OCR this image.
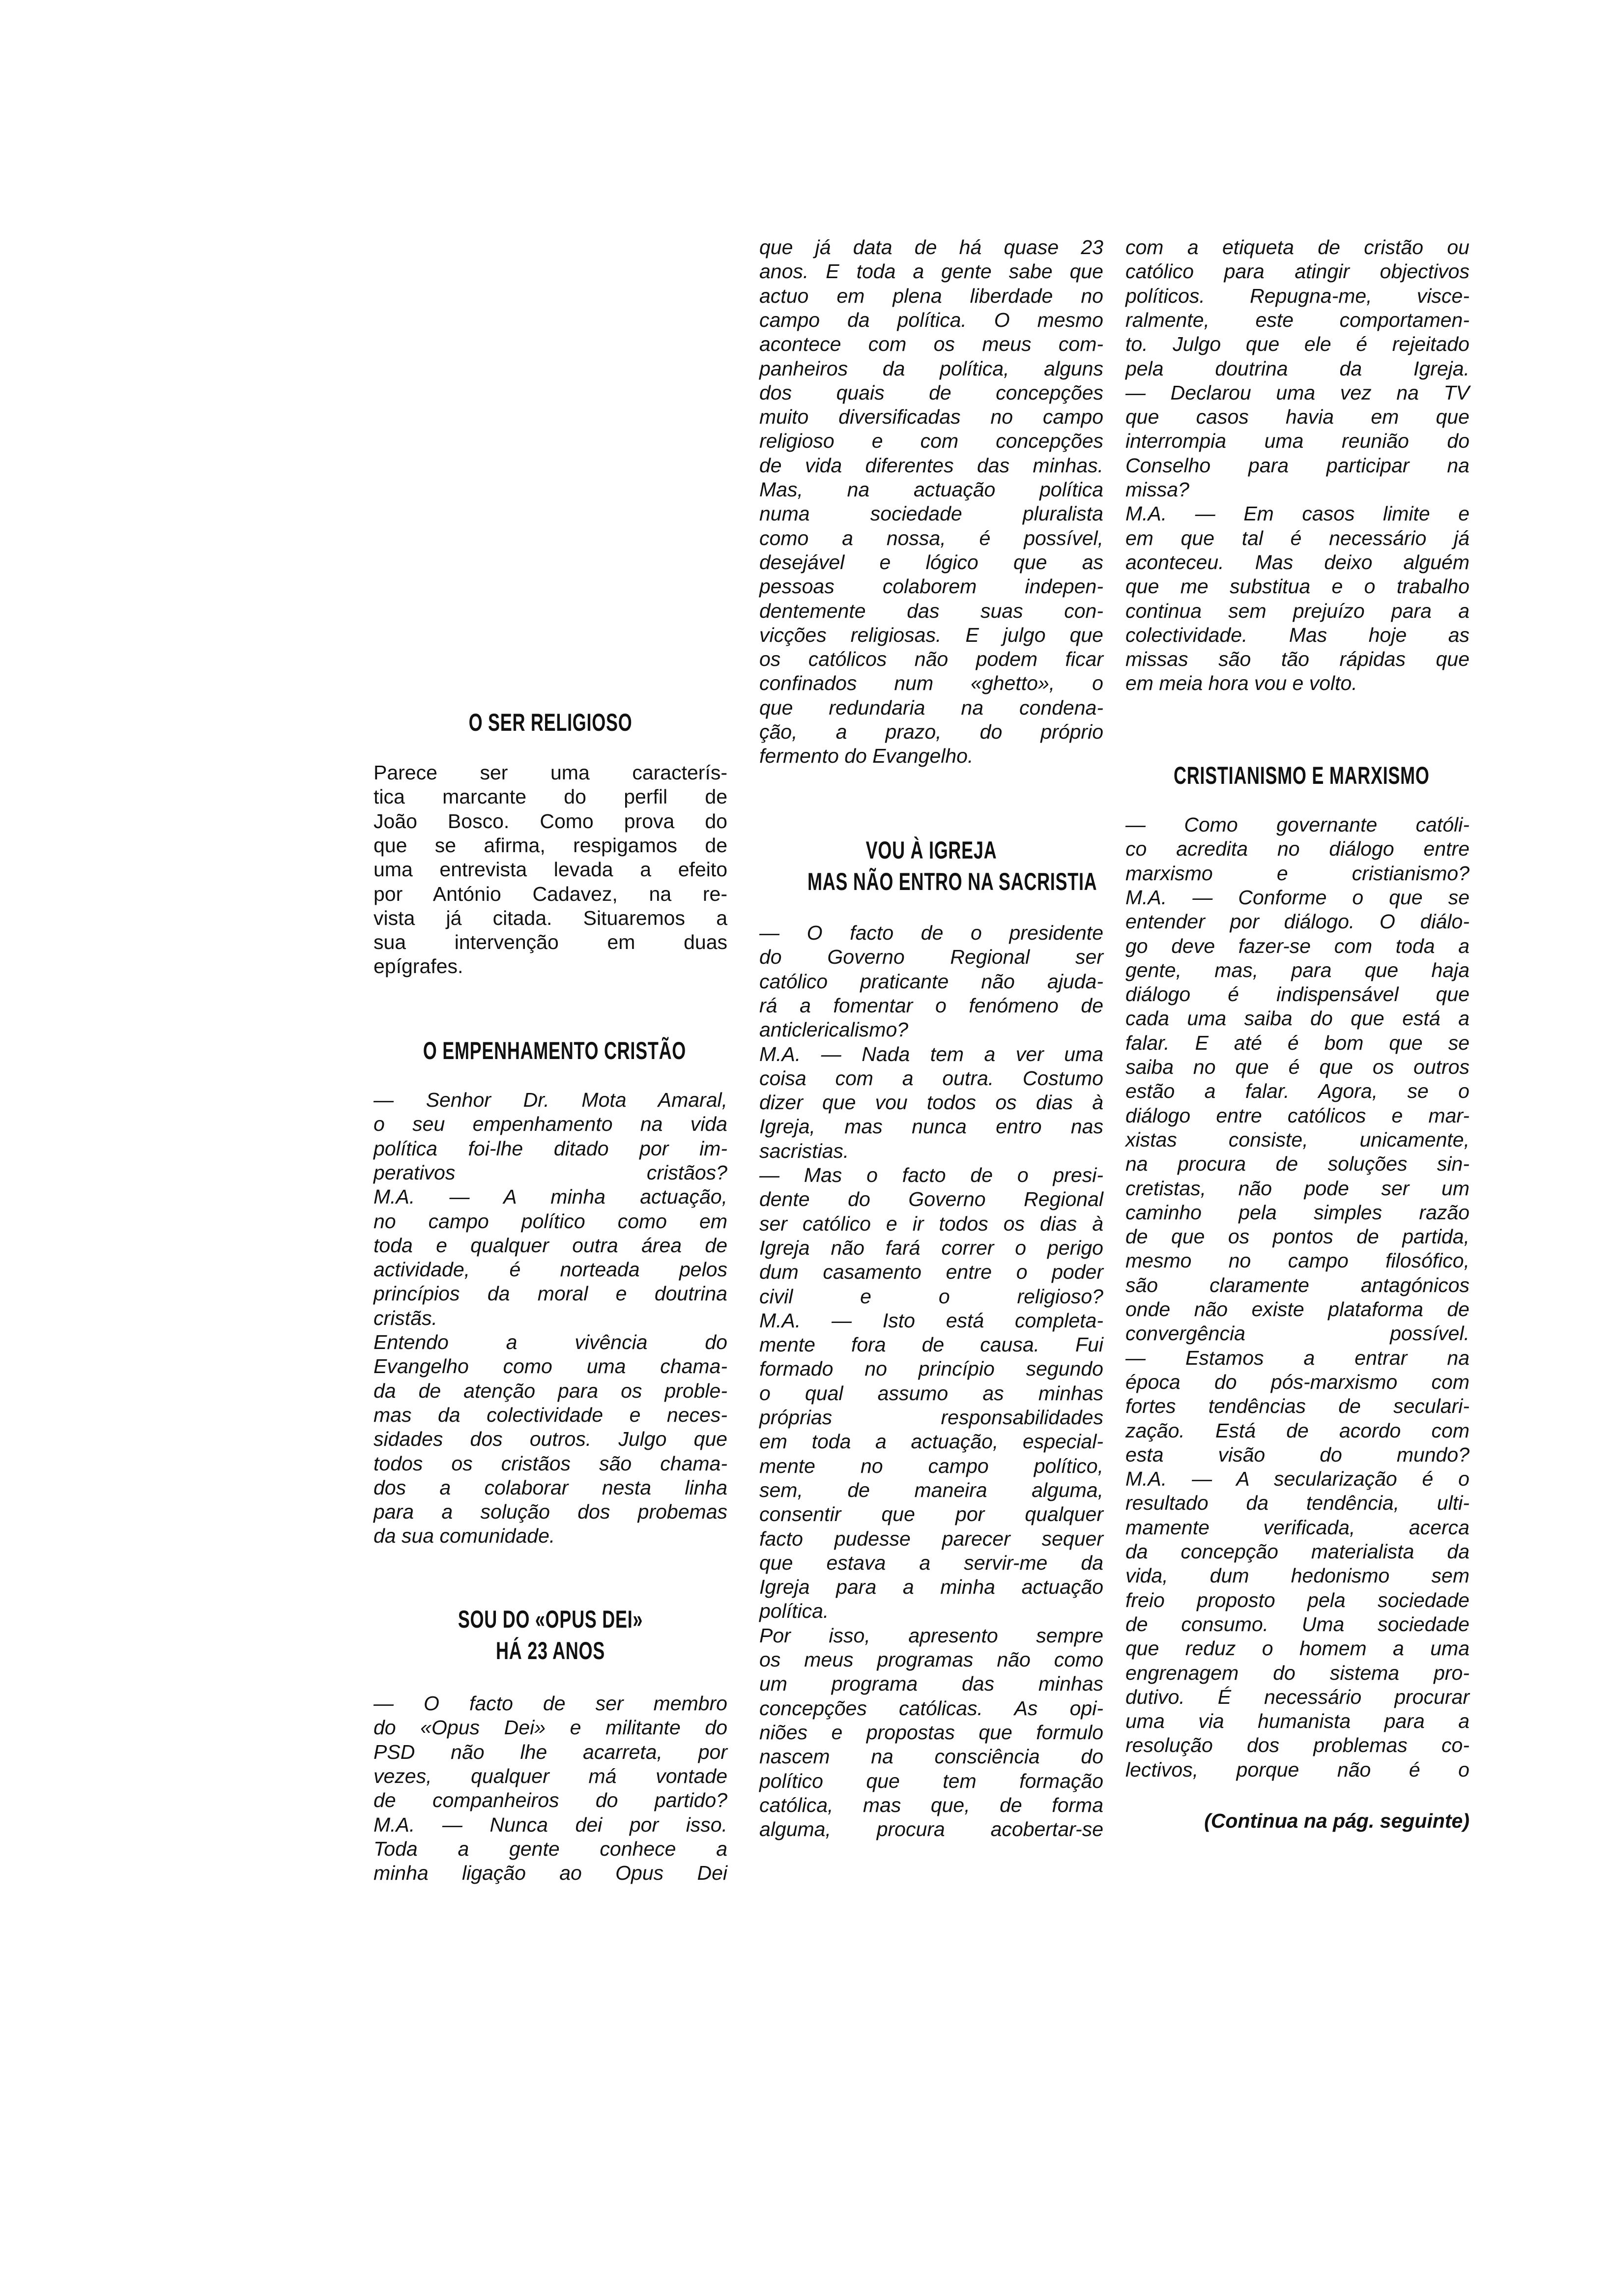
O SER RELIGIOSO
Parece ser uma caracterís-
tica marcante do perfil de
João Bosco. Como prova do
que se afirma, respigamos de
uma entrevista levada a efeito
por António Cadavez, na re-
vista já citada. Situaremos a
sua intervenção em duas
epígrafes.
O EMPENHAMENTO CRISTÃO
— Senhor Dr. Mota Amaral,
o seu empenhamento na vida
política foi-lhe ditado por im-
perativos cristãos?
M.A. — A minha actuação,
no campo político como em
toda e qualquer outra área de
actividade, é norteada pelos
princípios da moral e doutrina
cristãs.
Entendo a vivência do
Evangelho como uma chama-
da de atenção para os proble-
mas da colectividade e neces-
sidades dos outros. Julgo que
todos os cristãos são chama-
dos a colaborar nesta linha
para a solução dos probemas
da sua comunidade.
SOU DO «OPUS DEI»
HÁ 23 ANOS
— O facto de ser membro
do «Opus Dei» e militante do
PSD não lhe acarreta, por
vezes, qualquer má vontade
de companheiros do partido?
M.A. — Nunca dei por isso.
Toda a gente conhece a
minha ligação ao Opus Dei
que já data de há quase 23
anos. E toda a gente sabe que
actuo em plena liberdade no
campo da política. O mesmo
acontece com os meus com-
panheiros da política, alguns
dos quais de concepções
muito diversificadas no campo
religioso e com concepções
de vida diferentes das minhas.
Mas, na actuação política
numa sociedade pluralista
como a nossa, é possível,
desejável e lógico que as
pessoas colaborem indepen-
dentemente das suas con-
vicções religiosas. E julgo que
os católicos não podem ficar
confinados num «ghetto», o
que redundaria na condena-
ção, a prazo, do próprio
fermento do Evangelho.
VOU À IGREJA
MAS NÃO ENTRO NA SACRISTIA
— O facto de o presidente
do Governo Regional ser
católico praticante não ajuda-
rá a fomentar o fenómeno de
anticlericalismo?
M.A. — Nada tem a ver uma
coisa com a outra. Costumo
dizer que vou todos os dias à
Igreja, mas nunca entro nas
sacristias.
— Mas o facto de o presi-
dente do Governo Regional
ser católico e ir todos os dias à
Igreja não fará correr o perigo
dum casamento entre o poder
civil e o religioso?
M.A. — Isto está completa-
mente fora de causa. Fui
formado no princípio segundo
o qual assumo as minhas
próprias responsabilidades
em toda a actuação, especial-
mente no campo político,
sem, de maneira alguma,
consentir que por qualquer
facto pudesse parecer sequer
que estava a servir-me da
Igreja para a minha actuação
política.
Por isso, apresento sempre
os meus programas não como
um programa das minhas
concepções católicas. As opi-
niões e propostas que formulo
nascem na consciência do
político que tem formação
católica, mas que, de forma
alguma, procura acobertar-se
com a etiqueta de cristão ou
católico para atingir objectivos
políticos. Repugna-me, visce-
ralmente, este comportamen-
to. Julgo que ele é rejeitado
pela doutrina da Igreja.
— Declarou uma vez na TV
que casos havia em que
interrompia uma reunião do
Conselho para participar na
missa?
M.A. — Em casos limite e
em que tal é necessário já
aconteceu. Mas deixo alguém
que me substitua e o trabalho
continua sem prejuízo para a
colectividade. Mas hoje as
missas são tão rápidas que
em meia hora vou e volto.
CRISTIANISMO E MARXISMO
— Como governante católi-
co acredita no diálogo entre
marxismo e cristianismo?
M.A. — Conforme o que se
entender por diálogo. O diálo-
go deve fazer-se com toda a
gente, mas, para que haja
diálogo é indispensável que
cada uma saiba do que está a
falar. E até é bom que se
saiba no que é que os outros
estão a falar. Agora, se o
diálogo entre católicos e mar-
xistas consiste, unicamente,
na procura de soluções sin-
cretistas, não pode ser um
caminho pela simples razão
de que os pontos de partida,
mesmo no campo filosófico,
são claramente antagónicos
onde não existe plataforma de
convergência possível.
— Estamos a entrar na
época do pós-marxismo com
fortes tendências de seculari-
zação. Está de acordo com
esta visão do mundo?
M.A. — A secularização é o
resultado da tendência, ulti-
mamente verificada, acerca
da concepção materialista da
vida, dum hedonismo sem
freio proposto pela sociedade
de consumo. Uma sociedade
que reduz o homem a uma
engrenagem do sistema pro-
dutivo. É necessário procurar
uma via humanista para a
resolução dos problemas co-
lectivos, porque não é o
(Continua na pág. seguinte)
